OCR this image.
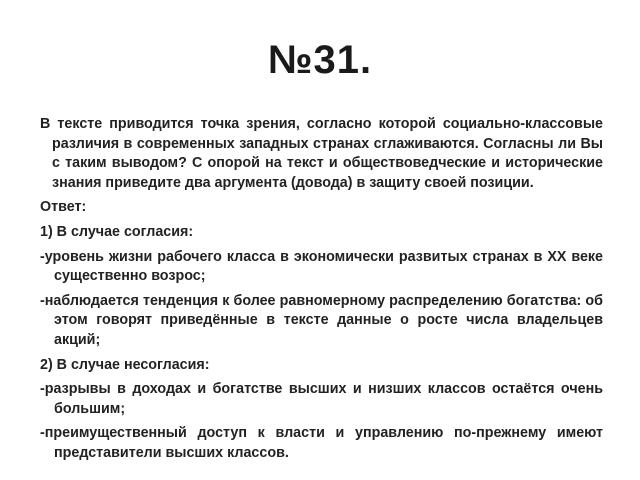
№31.

В тексте приводится точка зрения, согласно которой социально-классовые различия в современных западных странах сглаживаются. Согласны ли Вы с таким выводом? С опорой на текст и обществоведческие и исторические знания приведите два аргумента (довода) в защиту своей позиции.

Ответ:

1) В случае согласия:

-уровень жизни рабочего класса в экономически развитых странах в XX веке существенно возрос;

-наблюдается тенденция к более равномерному распределению богатства: об этом говорят приведённые в тексте данные о росте числа владельцев акций;

2) В случае несогласия:

-разрывы в доходах и богатстве высших и низших классов остаётся очень большим;

-преимущественный доступ к власти и управлению по-прежнему имеют представители высших классов.
